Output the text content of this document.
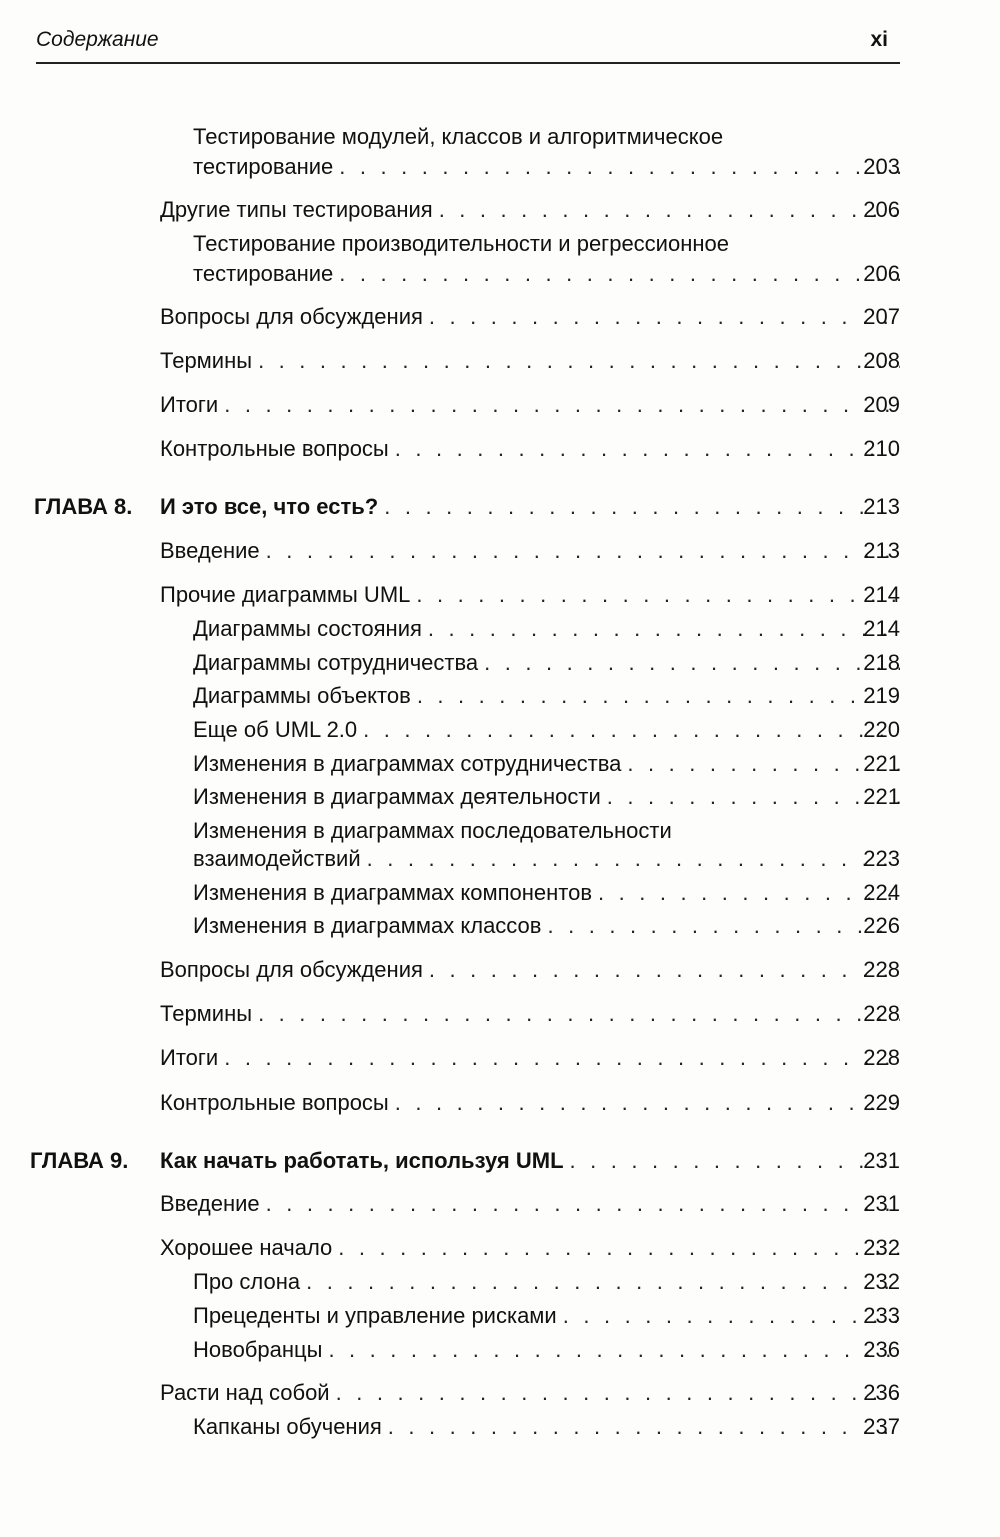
Содержание	xi
Тестирование модулей, классов и алгоритмическое
тестирование . . .	203
Другие типы тестирования . . .	206
Тестирование производительности и регрессионное
тестирование . . .	206
Вопросы для обсуждения . . .	207
Термины . . .	208
Итоги . . .	209
Контрольные вопросы . . .	210
ГЛАВА 8. И это все, что есть? . . .	213
Введение . . .	213
Прочие диаграммы UML . . .	214
Диаграммы состояния . . .	214
Диаграммы сотрудничества . . .	218
Диаграммы объектов . . .	219
Еще об UML 2.0 . . .	220
Изменения в диаграммах сотрудничества . . .	221
Изменения в диаграммах деятельности . . .	221
Изменения в диаграммах последовательности
взаимодействий . . .	223
Изменения в диаграммах компонентов . . .	224
Изменения в диаграммах классов . . .	226
Вопросы для обсуждения . . .	228
Термины . . .	228
Итоги . . .	228
Контрольные вопросы . . .	229
ГЛАВА 9. Как начать работать, используя UML . . .	231
Введение . . .	231
Хорошее начало . . .	232
Про слона . . .	232
Прецеденты и управление рисками . . .	233
Новобранцы . . .	236
Расти над собой . . .	236
Капканы обучения . . .	237
